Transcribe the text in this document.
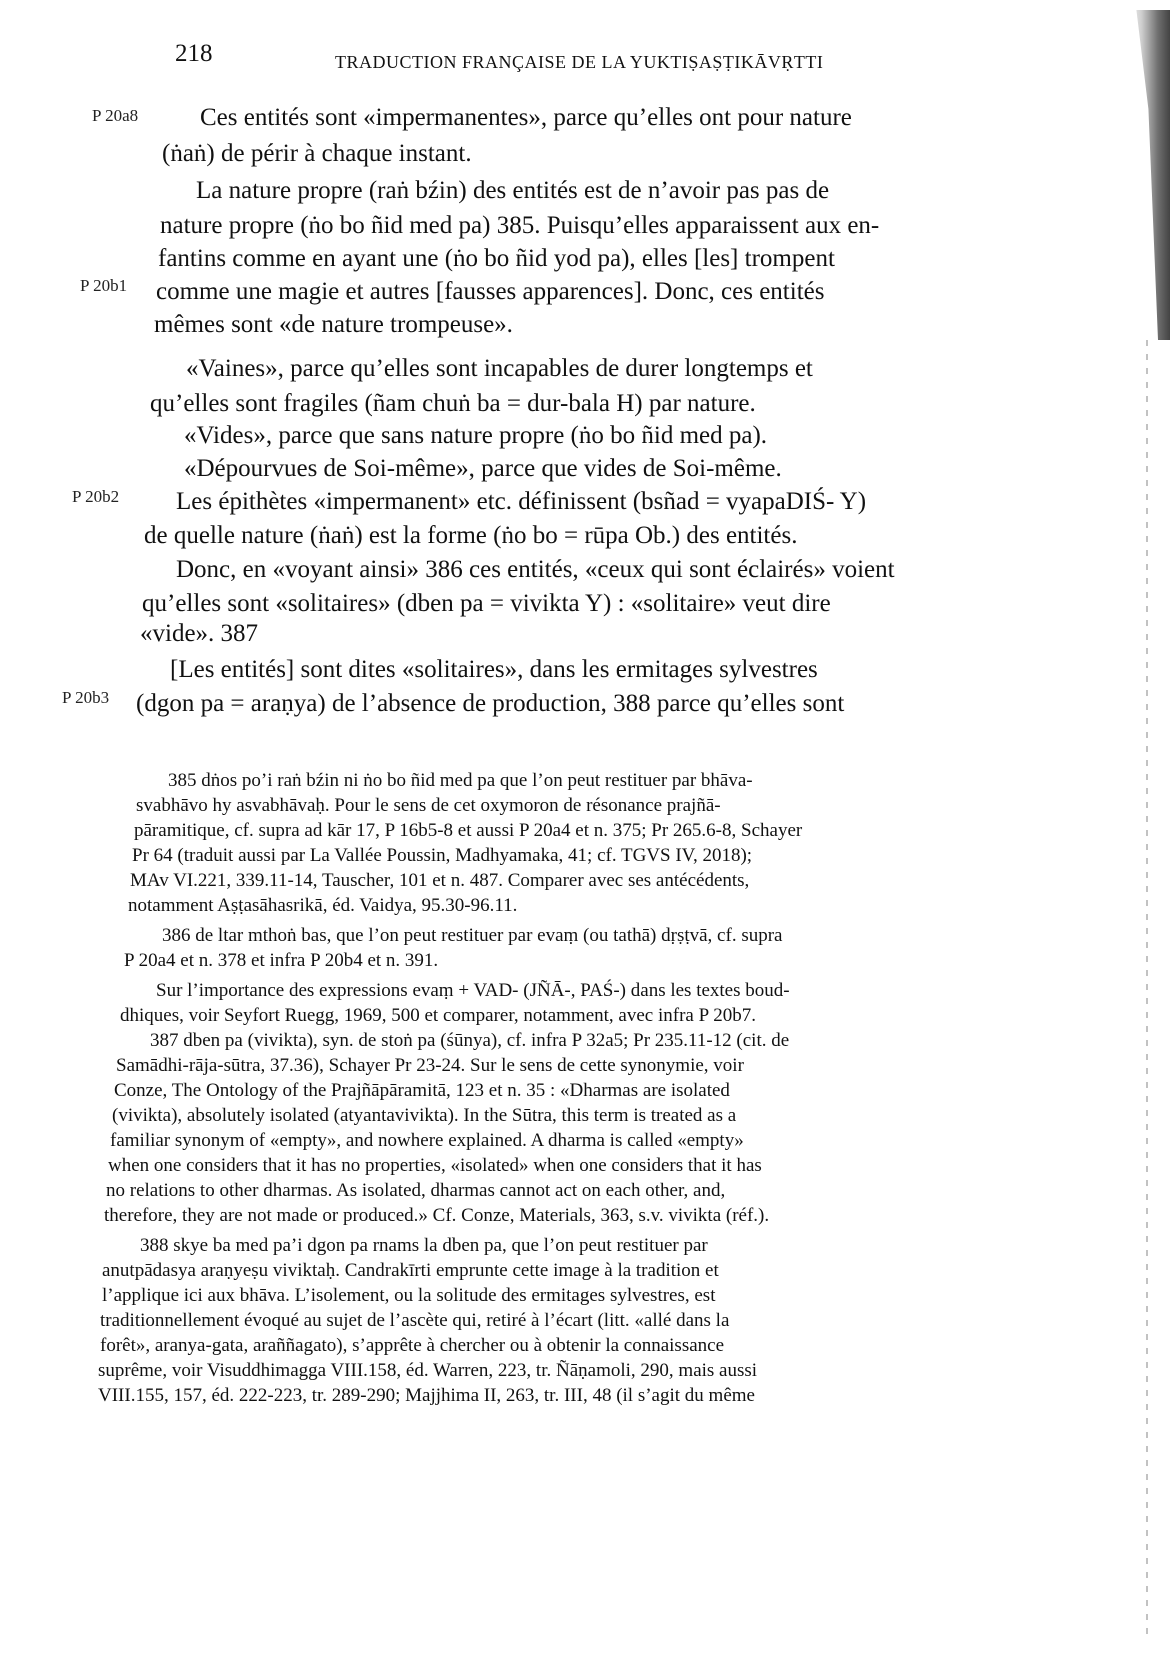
218	TRADUCTION FRANÇAISE DE LA YUKTIṢAṢṬIKĀVṚTTI
P 20a8
P 20b1
P 20b2
P 20b3
Ces entités sont «impermanentes», parce qu’elles ont pour nature
(ṅaṅ) de périr à chaque instant.
La nature propre (raṅ bźin) des entités est de n’avoir pas pas de
nature propre (ṅo bo ñid med pa) 385. Puisqu’elles apparaissent aux en-
fantins comme en ayant une (ṅo bo ñid yod pa), elles [les] trompent
comme une magie et autres [fausses apparences]. Donc, ces entités
mêmes sont «de nature trompeuse».
«Vaines», parce qu’elles sont incapables de durer longtemps et
qu’elles sont fragiles (ñam chuṅ ba = dur-bala H) par nature.
«Vides», parce que sans nature propre (ṅo bo ñid med pa).
«Dépourvues de Soi-même», parce que vides de Soi-même.
Les épithètes «impermanent» etc. définissent (bsñad = vyapaDIŚ- Y)
de quelle nature (ṅaṅ) est la forme (ṅo bo = rūpa Ob.) des entités.
Donc, en «voyant ainsi» 386 ces entités, «ceux qui sont éclairés» voient
qu’elles sont «solitaires» (dben pa = vivikta Y) : «solitaire» veut dire
«vide». 387
[Les entités] sont dites «solitaires», dans les ermitages sylvestres
(dgon pa = araṇya) de l’absence de production, 388 parce qu’elles sont
385 dṅos po’i raṅ bźin ni ṅo bo ñid med pa que l’on peut restituer par bhāva-
svabhāvo hy asvabhāvaḥ. Pour le sens de cet oxymoron de résonance prajñā-
pāramitique, cf. supra ad kār 17, P 16b5-8 et aussi P 20a4 et n. 375; Pr 265.6-8, Schayer
Pr 64 (traduit aussi par La Vallée Poussin, Madhyamaka, 41; cf. TGVS IV, 2018);
MAv VI.221, 339.11-14, Tauscher, 101 et n. 487. Comparer avec ses antécédents,
notamment Aṣṭasāhasrikā, éd. Vaidya, 95.30-96.11.
386 de ltar mthoṅ bas, que l’on peut restituer par evaṃ (ou tathā) dṛṣṭvā, cf. supra
P 20a4 et n. 378 et infra P 20b4 et n. 391.
Sur l’importance des expressions evaṃ + VAD- (JÑĀ-, PAŚ-) dans les textes boud-
dhiques, voir Seyfort Ruegg, 1969, 500 et comparer, notamment, avec infra P 20b7.
387 dben pa (vivikta), syn. de stoṅ pa (śūnya), cf. infra P 32a5; Pr 235.11-12 (cit. de
Samādhi-rāja-sūtra, 37.36), Schayer Pr 23-24. Sur le sens de cette synonymie, voir
Conze, The Ontology of the Prajñāpāramitā, 123 et n. 35 : «Dharmas are isolated
(vivikta), absolutely isolated (atyantavivikta). In the Sūtra, this term is treated as a
familiar synonym of «empty», and nowhere explained. A dharma is called «empty»
when one considers that it has no properties, «isolated» when one considers that it has
no relations to other dharmas. As isolated, dharmas cannot act on each other, and,
therefore, they are not made or produced.» Cf. Conze, Materials, 363, s.v. vivikta (réf.).
388 skye ba med pa’i dgon pa rnams la dben pa, que l’on peut restituer par
anutpādasya araṇyeṣu viviktaḥ. Candrakīrti emprunte cette image à la tradition et
l’applique ici aux bhāva. L’isolement, ou la solitude des ermitages sylvestres, est
traditionnellement évoqué au sujet de l’ascète qui, retiré à l’écart (litt. «allé dans la
forêt», aranya-gata, araññagato), s’apprête à chercher ou à obtenir la connaissance
suprême, voir Visuddhimagga VIII.158, éd. Warren, 223, tr. Ñāṇamoli, 290, mais aussi
VIII.155, 157, éd. 222-223, tr. 289-290; Majjhima II, 263, tr. III, 48 (il s’agit du même
